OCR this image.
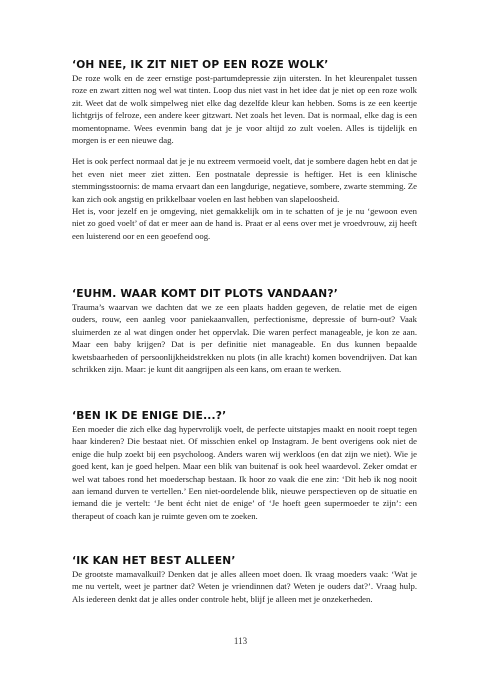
‘OH NEE, IK ZIT NIET OP EEN ROZE WOLK’

De roze wolk en de zeer ernstige post-partumdepressie zijn uitersten. In het kleurenpalet tussen roze en zwart zitten nog wel wat tinten. Loop dus niet vast in het idee dat je niet op een roze wolk zit. Weet dat de wolk simpelweg niet elke dag dezelfde kleur kan hebben. Soms is ze een keertje lichtgrijs of felroze, een andere keer gitzwart. Net zoals het leven. Dat is normaal, elke dag is een momentopname. Wees evenmin bang dat je je voor altijd zo zult voelen. Alles is tijdelijk en morgen is er een nieuwe dag.

Het is ook perfect normaal dat je je nu extreem vermoeid voelt, dat je sombere dagen hebt en dat je het even niet meer ziet zitten. Een postnatale depressie is heftiger. Het is een klinische stemmingsstoornis: de mama ervaart dan een langdurige, negatieve, sombere, zwarte stemming. Ze kan zich ook angstig en prikkelbaar voelen en last hebben van slapeloosheid.

Het is, voor jezelf en je omgeving, niet gemakkelijk om in te schatten of je je nu ‘gewoon even niet zo goed voelt’ of dat er meer aan de hand is. Praat er al eens over met je vroedvrouw, zij heeft een luisterend oor en een geoefend oog.

‘EUHM. WAAR KOMT DIT PLOTS VANDAAN?’

Trauma’s waarvan we dachten dat we ze een plaats hadden gegeven, de relatie met de eigen ouders, rouw, een aanleg voor paniekaanvallen, perfectionisme, depressie of burn-out? Vaak sluimerden ze al wat dingen onder het oppervlak. Die waren perfect manageable, je kon ze aan. Maar een baby krijgen? Dat is per definitie niet manageable. En dus kunnen bepaalde kwetsbaarheden of persoonlijkheidstrekken nu plots (in alle kracht) komen bovendrijven. Dat kan schrikken zijn. Maar: je kunt dit aangrijpen als een kans, om eraan te werken.

‘BEN IK DE ENIGE DIE...?’

Een moeder die zich elke dag hypervrolijk voelt, de perfecte uitstapjes maakt en nooit roept tegen haar kinderen? Die bestaat niet. Of misschien enkel op Instagram. Je bent overigens ook niet de enige die hulp zoekt bij een psycholoog. Anders waren wij werkloos (en dat zijn we niet). Wie je goed kent, kan je goed helpen. Maar een blik van buitenaf is ook heel waardevol. Zeker omdat er wel wat taboes rond het moederschap bestaan. Ik hoor zo vaak die ene zin: ‘Dit heb ik nog nooit aan iemand durven te vertellen.’ Een niet-oordelende blik, nieuwe perspectieven op de situatie en iemand die je vertelt: ‘Je bent écht niet de enige’ of ‘Je hoeft geen supermoeder te zijn’: een therapeut of coach kan je ruimte geven om te zoeken.

‘IK KAN HET BEST ALLEEN’

De grootste mamavalkuil? Denken dat je alles alleen moet doen. Ik vraag moeders vaak: ‘Wat je me nu vertelt, weet je partner dat? Weten je vriendinnen dat? Weten je ouders dat?’. Vraag hulp. Als iedereen denkt dat je alles onder controle hebt, blijf je alleen met je onzekerheden.

113
